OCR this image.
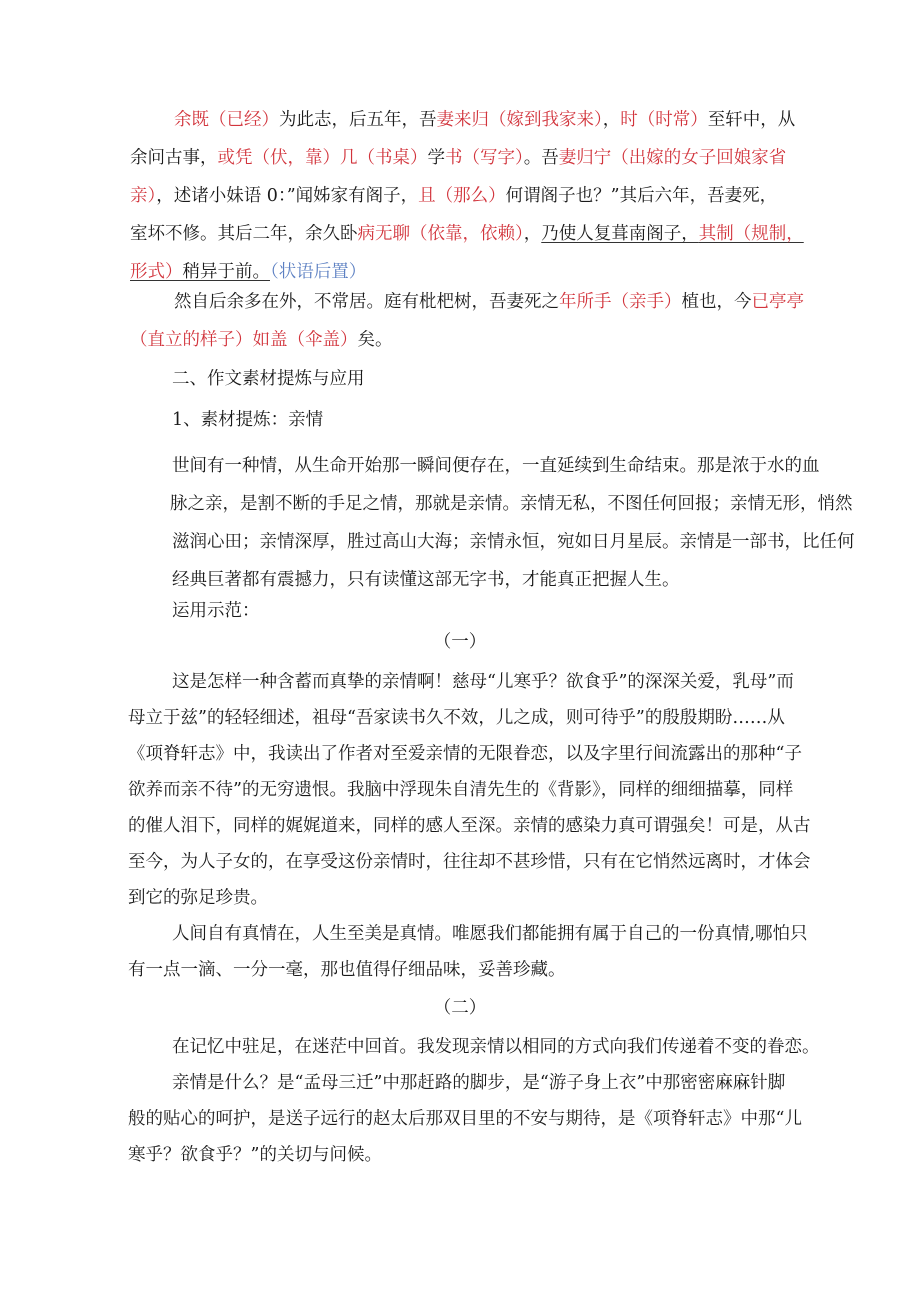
余既（已经）为此志，后五年，吾妻来归（嫁到我家来），时（时常）至轩中，从

余问古事，或凭（伏，靠）几（书桌）学书（写字）。吾妻归宁（出嫁的女子回娘家省

亲），述诸小妹语 0：”闻姊家有阁子，且（那么）何谓阁子也？”其后六年，吾妻死，

室坏不修。其后二年，余久卧病无聊（依靠，依赖），乃使人复葺南阁子，其制（规制，

形式）稍异于前。（状语后置）

然自后余多在外，不常居。庭有枇杷树，吾妻死之年所手（亲手）植也，今已亭亭

（直立的样子）如盖（伞盖）矣。

二、作文素材提炼与应用

1、素材提炼：亲情

世间有一种情，从生命开始那一瞬间便存在，一直延续到生命结束。那是浓于水的血

脉之亲，是割不断的手足之情，那就是亲情。亲情无私，不图任何回报；亲情无形，悄然

滋润心田；亲情深厚，胜过高山大海；亲情永恒，宛如日月星辰。亲情是一部书，比任何

经典巨著都有震撼力，只有读懂这部无字书，才能真正把握人生。

运用示范：

（一）

这是怎样一种含蓄而真挚的亲情啊！慈母“儿寒乎？欲食乎”的深深关爱，乳母”而

母立于兹”的轻轻细述，祖母“吾家读书久不效，儿之成，则可待乎”的殷殷期盼……从

《项脊轩志》中，我读出了作者对至爱亲情的无限眷恋，以及字里行间流露出的那种“子

欲养而亲不待”的无穷遗恨。我脑中浮现朱自清先生的《背影》，同样的细细描摹，同样

的催人泪下，同样的娓娓道来，同样的感人至深。亲情的感染力真可谓强矣！可是，从古

至今，为人子女的，在享受这份亲情时，往往却不甚珍惜，只有在它悄然远离时，才体会

到它的弥足珍贵。

人间自有真情在，人生至美是真情。唯愿我们都能拥有属于自己的一份真情,哪怕只

有一点一滴、一分一毫，那也值得仔细品味，妥善珍藏。

（二）

在记忆中驻足，在迷茫中回首。我发现亲情以相同的方式向我们传递着不变的眷恋。

亲情是什么？是“孟母三迁”中那赶路的脚步，是“游子身上衣”中那密密麻麻针脚

般的贴心的呵护，是送子远行的赵太后那双目里的不安与期待，是《项脊轩志》中那“儿

寒乎？欲食乎？”的关切与问候。
